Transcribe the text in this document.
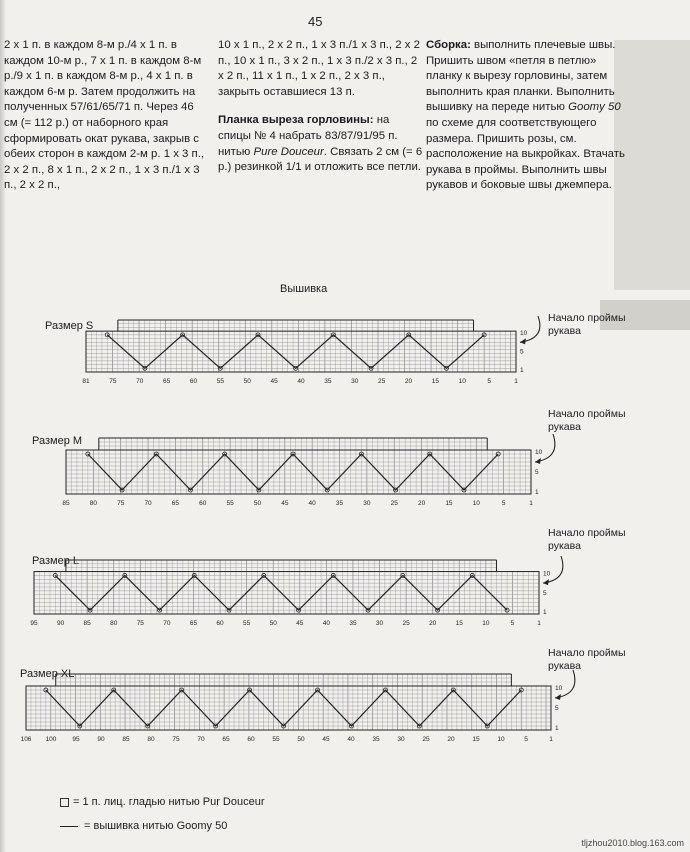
45

2 х 1 п. в каждом 8-м р./4 х 1 п. в каждом 10-м р., 7 х 1 п. в каждом 8-м р./9 х 1 п. в каждом 8-м р., 4 х 1 п. в каждом 6-м р. Затем продолжить на полученных 57/61/65/71 п. Через 46 см (= 112 р.) от наборного края сформировать окат рукава, закрыв с обеих сторон в каждом 2-м р. 1 х 3 п., 2 х 2 п., 8 х 1 п., 2 х 2 п., 1 х 3 п./1 х 3 п., 2 х 2 п.,

10 х 1 п., 2 х 2 п., 1 х 3 п./1 х 3 п., 2 х 2 п., 10 х 1 п., 3 х 2 п., 1 х 3 п./2 х 3 п., 2 х 2 п., 11 х 1 п., 1 х 2 п., 2 х 3 п., закрыть оставшиеся 13 п.

Планка выреза горловины: на спицы № 4 набрать 83/87/91/95 п. нитью Pure Douceur. Связать 2 см (= 6 р.) резинкой 1/1 и отложить все петли.

Сборка: выполнить плечевые швы. Пришить швом «петля в петлю» планку к вырезу горловины, затем выполнить края планки. Выполнить вышивку на переде нитью Goomy 50 по схеме для соответствующего размера. Пришить розы, см. расположение на выкройках. Втачать рукава в проймы. Выполнить швы рукавов и боковые швы джемпера.

Вышивка
Размер S
Размер M
Размер L
Размер XL
Начало проймы рукава
Начало проймы рукава
Начало проймы рукава
Начало проймы рукава
81	75	70	65	60	55	50	45	40	35	30	25	20	15	10	5	1
10
5
1
85	80	75	70	65	60	55	50	45	40	35	30	25	20	15	10	5	1
10
5
1
95	90	85	80	75	70	65	60	55	50	45	40	35	30	25	20	15	10	5	1
10
5
1
106 100 95	90	85	80	75	70	65	60	55	50	45	40	35	30	25	20	15	10	5	1
10
5
1
= 1 п. лиц. гладью нитью Pur Douceur
= вышивка нитью Goomy 50
tljzhou2010.blog.163.com
